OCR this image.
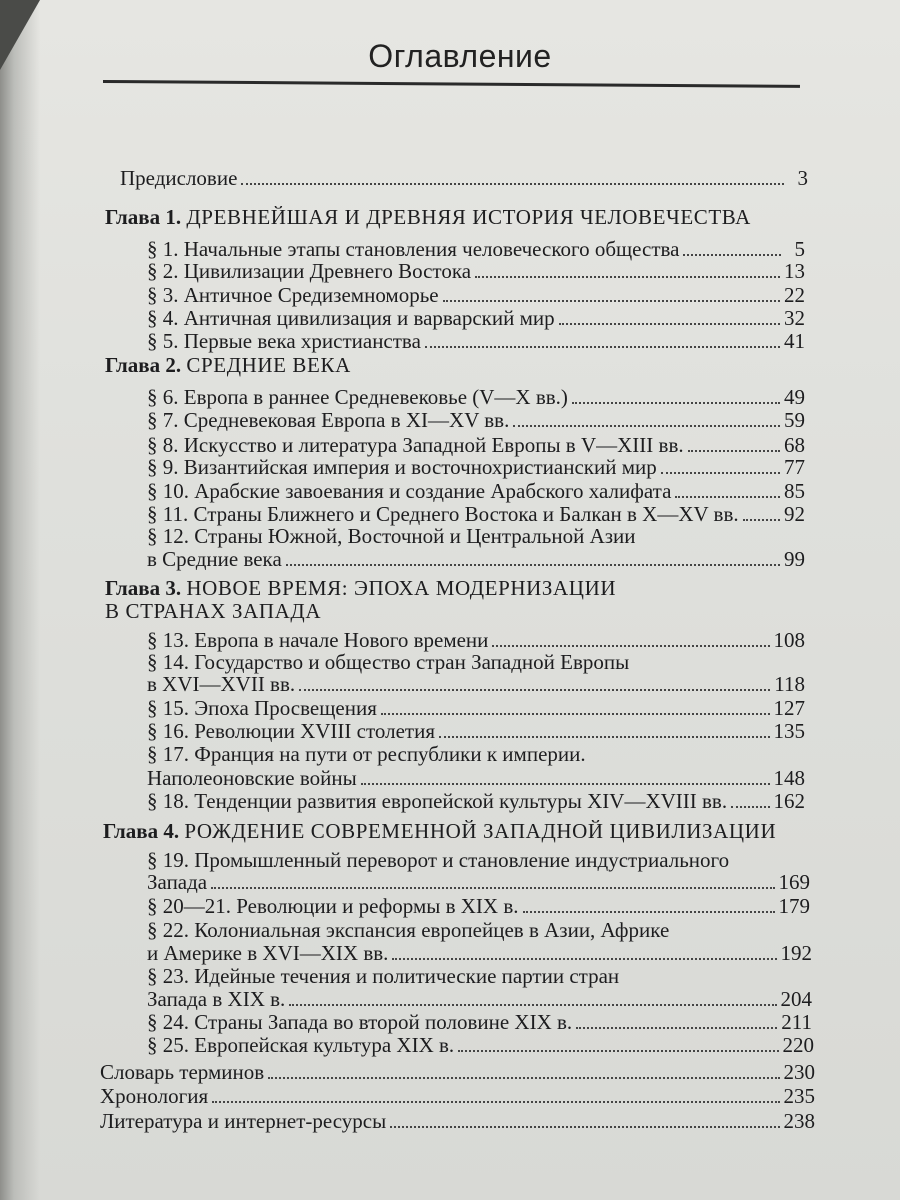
Оглавление
Предисловие	3
Глава 1. ДРЕВНЕЙШАЯ И ДРЕВНЯЯ ИСТОРИЯ ЧЕЛОВЕЧЕСТВА
§ 1. Начальные этапы становления человеческого общества	5
§ 2. Цивилизации Древнего Востока	13
§ 3. Античное Средиземноморье	22
§ 4. Античная цивилизация и варварский мир	32
§ 5. Первые века христианства	41
Глава 2. СРЕДНИЕ ВЕКА
§ 6. Европа в раннее Средневековье (V—X вв.)	49
§ 7. Средневековая Европа в XI—XV вв.	59
§ 8. Искусство и литература Западной Европы в V—XIII вв.	68
§ 9. Византийская империя и восточнохристианский мир	77
§ 10. Арабские завоевания и создание Арабского халифата	85
§ 11. Страны Ближнего и Среднего Востока и Балкан в X—XV вв. 92
§ 12. Страны Южной, Восточной и Центральной Азии
в Средние века	99
Глава 3. НОВОЕ ВРЕМЯ: ЭПОХА МОДЕРНИЗАЦИИ
В СТРАНАХ ЗАПАДА
§ 13. Европа в начале Нового времени	108
§ 14. Государство и общество стран Западной Европы
в XVI—XVII вв.	118
§ 15. Эпоха Просвещения	127
§ 16. Революции XVIII столетия	135
§ 17. Франция на пути от республики к империи.
Наполеоновские войны	148
§ 18. Тенденции развития европейской культуры XIV—XVIII вв. 162
Глава 4. РОЖДЕНИЕ СОВРЕМЕННОЙ ЗАПАДНОЙ ЦИВИЛИЗАЦИИ
§ 19. Промышленный переворот и становление индустриального
Запада	169
§ 20—21. Революции и реформы в XIX в.	179
§ 22. Колониальная экспансия европейцев в Азии, Африке
и Америке в XVI—XIX вв.	192
§ 23. Идейные течения и политические партии стран
Запада в XIX в.	204
§ 24. Страны Запада во второй половине XIX в.	211
§ 25. Европейская культура XIX в.	220
Словарь терминов	230
Хронология	235
Литература и интернет-ресурсы	238
